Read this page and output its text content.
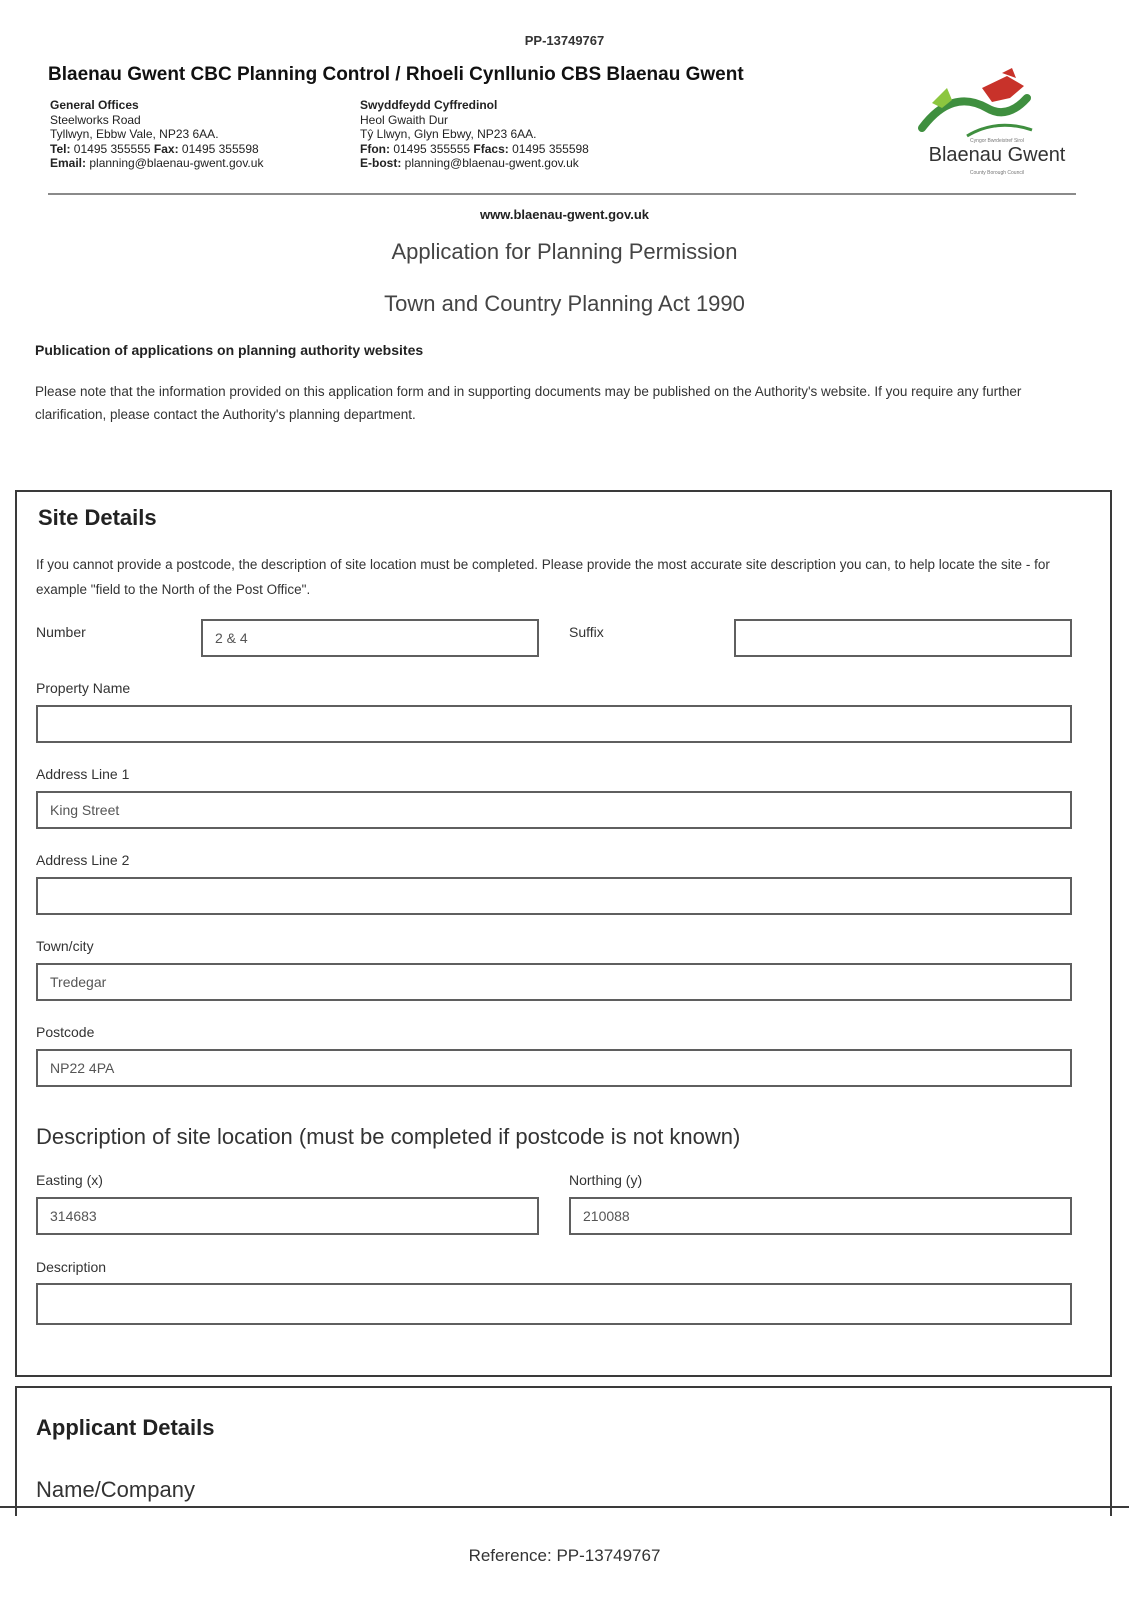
PP-13749767
Blaenau Gwent CBC Planning Control / Rhoeli Cynllunio CBS Blaenau Gwent
General Offices
Steelworks Road
Tyllwyn, Ebbw Vale, NP23 6AA.
Tel: 01495 355555 Fax: 01495 355598
Email: planning@blaenau-gwent.gov.uk
Swyddfeydd Cyffredinol
Heol Gwaith Dur
Tŷ Llwyn, Glyn Ebwy, NP23 6AA.
Ffon: 01495 355555 Ffacs: 01495 355598
E-bost: planning@blaenau-gwent.gov.uk
Cyngor Bwrdeistref Sirol
Blaenau Gwent
County Borough Council
www.blaenau-gwent.gov.uk
Application for Planning Permission
Town and Country Planning Act 1990
Publication of applications on planning authority websites
Please note that the information provided on this application form and in supporting documents may be published on the Authority's website. If you require any further clarification, please contact the Authority's planning department.
Site Details
If you cannot provide a postcode, the description of site location must be completed. Please provide the most accurate site description you can, to help locate the site - for example "field to the North of the Post Office".
Number	2 & 4	Suffix
Property Name
Address Line 1
King Street
Address Line 2
Town/city
Tredegar
Postcode
NP22 4PA
Description of site location (must be completed if postcode is not known)
Easting (x)
314683
Northing (y)
210088
Description
Applicant Details
Name/Company
Reference: PP-13749767
